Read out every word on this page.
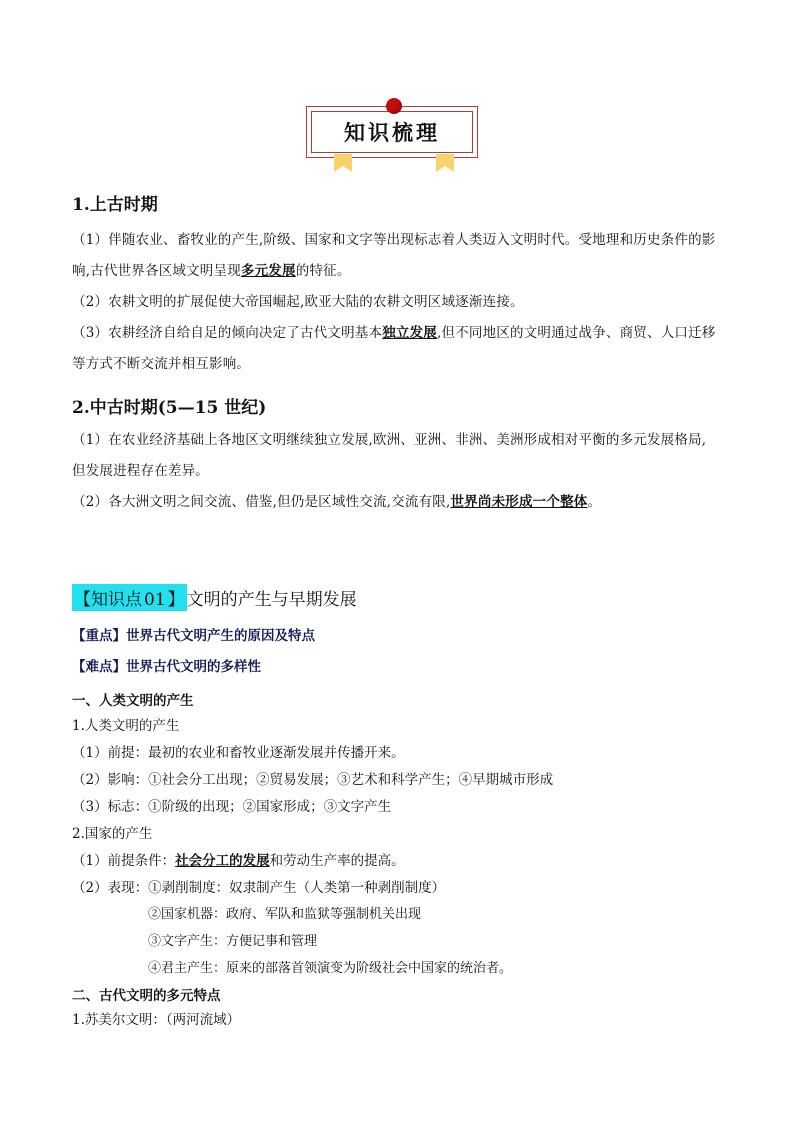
知识梳理
1.上古时期
（1）伴随农业、畜牧业的产生,阶级、国家和文字等出现标志着人类迈入文明时代。受地理和历史条件的影
响,古代世界各区域文明呈现多元发展的特征。
（2）农耕文明的扩展促使大帝国崛起,欧亚大陆的农耕文明区域逐渐连接。
（3）农耕经济自给自足的倾向决定了古代文明基本独立发展,但不同地区的文明通过战争、商贸、人口迁移
等方式不断交流并相互影响。
2.中古时期(5—15 世纪)
（1）在农业经济基础上各地区文明继续独立发展,欧洲、亚洲、非洲、美洲形成相对平衡的多元发展格局,
但发展进程存在差异。
（2）各大洲文明之间交流、借鉴,但仍是区域性交流,交流有限,世界尚未形成一个整体。
【知识点 01 】 文明的产生与早期发展
【重点】世界古代文明产生的原因及特点
【难点】世界古代文明的多样性
一、人类文明的产生
1.人类文明的产生
（1）前提：最初的农业和畜牧业逐渐发展并传播开来。
（2）影响：①社会分工出现；②贸易发展；③艺术和科学产生；④早期城市形成
（3）标志：①阶级的出现；②国家形成；③文字产生
2.国家的产生
（1）前提条件：社会分工的发展和劳动生产率的提高。
（2）表现：①剥削制度：奴隶制产生（人类第一种剥削制度）
②国家机器：政府、军队和监狱等强制机关出现
③文字产生：方便记事和管理
④君主产生：原来的部落首领演变为阶级社会中国家的统治者。
二、古代文明的多元特点
1.苏美尔文明：（两河流域）
